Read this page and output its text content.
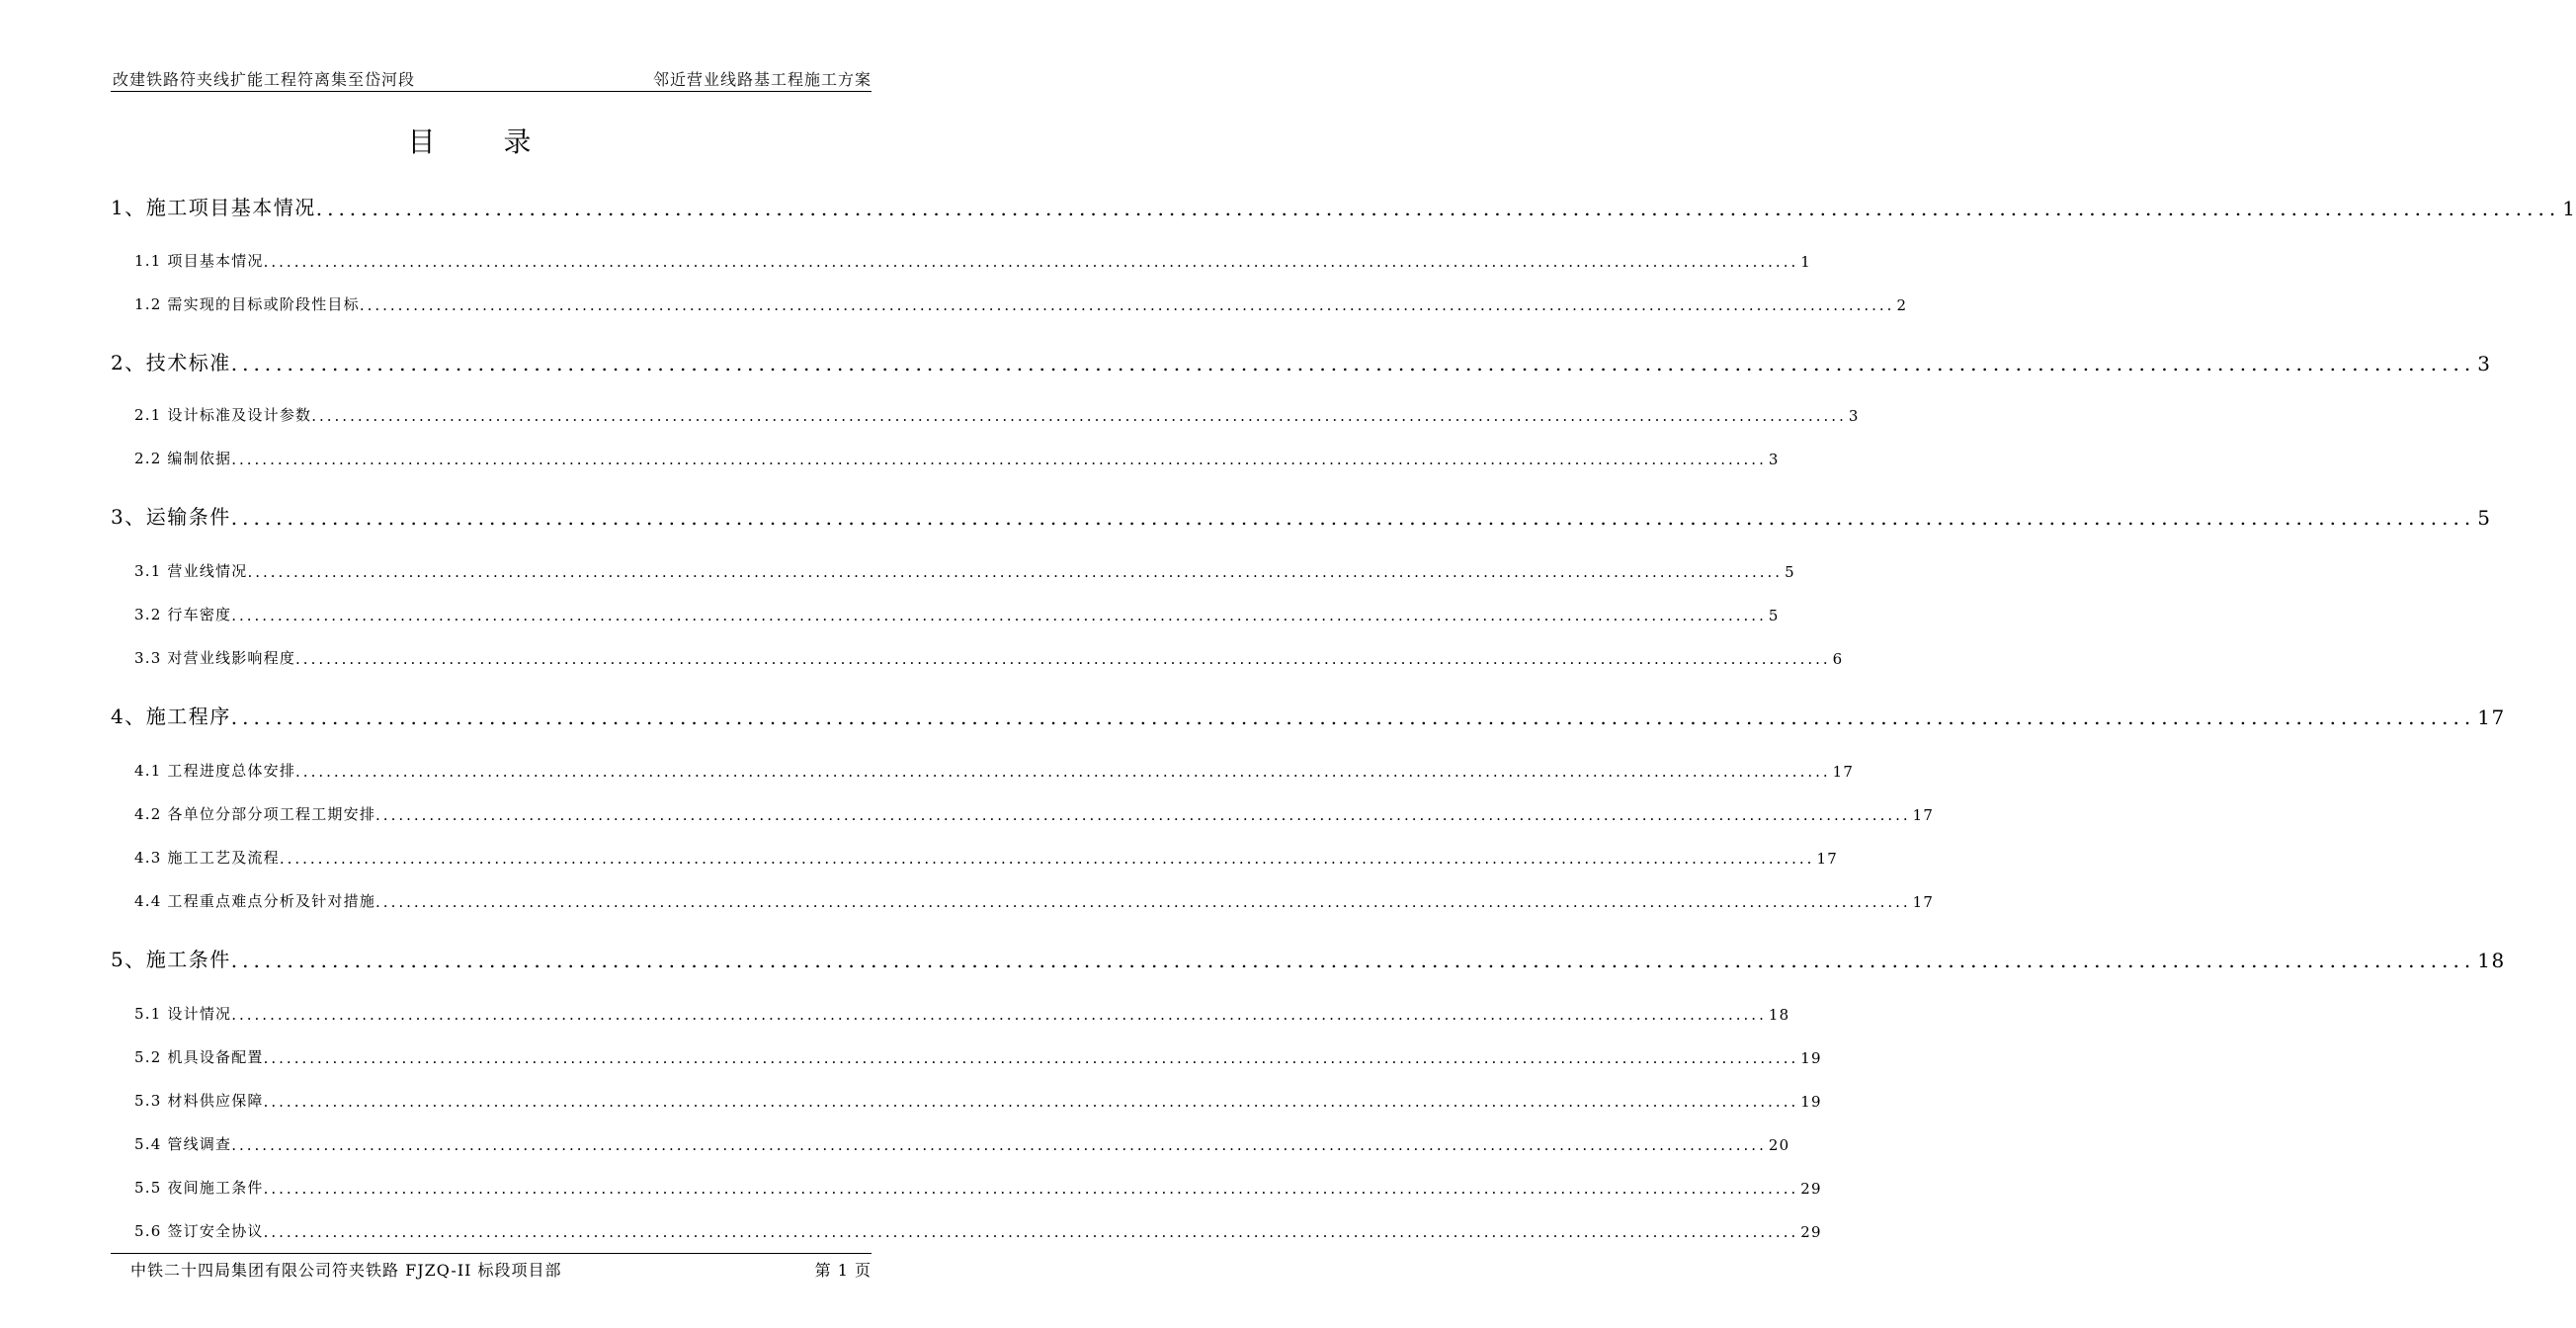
改建铁路符夹线扩能工程符离集至岱河段	邻近营业线路基工程施工方案
目 录
1、施工项目基本情况 ........................................................................................................................................................................................................ 1
1.1 项目基本情况 ........................................................................................................................................................................................................ 1
1.2 需实现的目标或阶段性目标 ........................................................................................................................................................................................................ 2
2、技术标准 ........................................................................................................................................................................................................ 3
2.1 设计标准及设计参数 ........................................................................................................................................................................................................ 3
2.2 编制依据 ........................................................................................................................................................................................................ 3
3、运输条件 ........................................................................................................................................................................................................ 5
3.1 营业线情况 ........................................................................................................................................................................................................ 5
3.2 行车密度 ........................................................................................................................................................................................................ 5
3.3 对营业线影响程度 ........................................................................................................................................................................................................ 6
4、施工程序 ........................................................................................................................................................................................................ 17
4.1 工程进度总体安排 ........................................................................................................................................................................................................ 17
4.2 各单位分部分项工程工期安排 ........................................................................................................................................................................................................ 17
4.3 施工工艺及流程 ........................................................................................................................................................................................................ 17
4.4 工程重点难点分析及针对措施 ........................................................................................................................................................................................................ 17
5、施工条件 ........................................................................................................................................................................................................ 18
5.1 设计情况 ........................................................................................................................................................................................................ 18
5.2 机具设备配置 ........................................................................................................................................................................................................ 19
5.3 材料供应保障 ........................................................................................................................................................................................................ 19
5.4 管线调查 ........................................................................................................................................................................................................ 20
5.5 夜间施工条件 ........................................................................................................................................................................................................ 29
5.6 签订安全协议 ........................................................................................................................................................................................................ 29
中铁二十四局集团有限公司符夹铁路 FJZQ-II 标段项目部	第 1 页
